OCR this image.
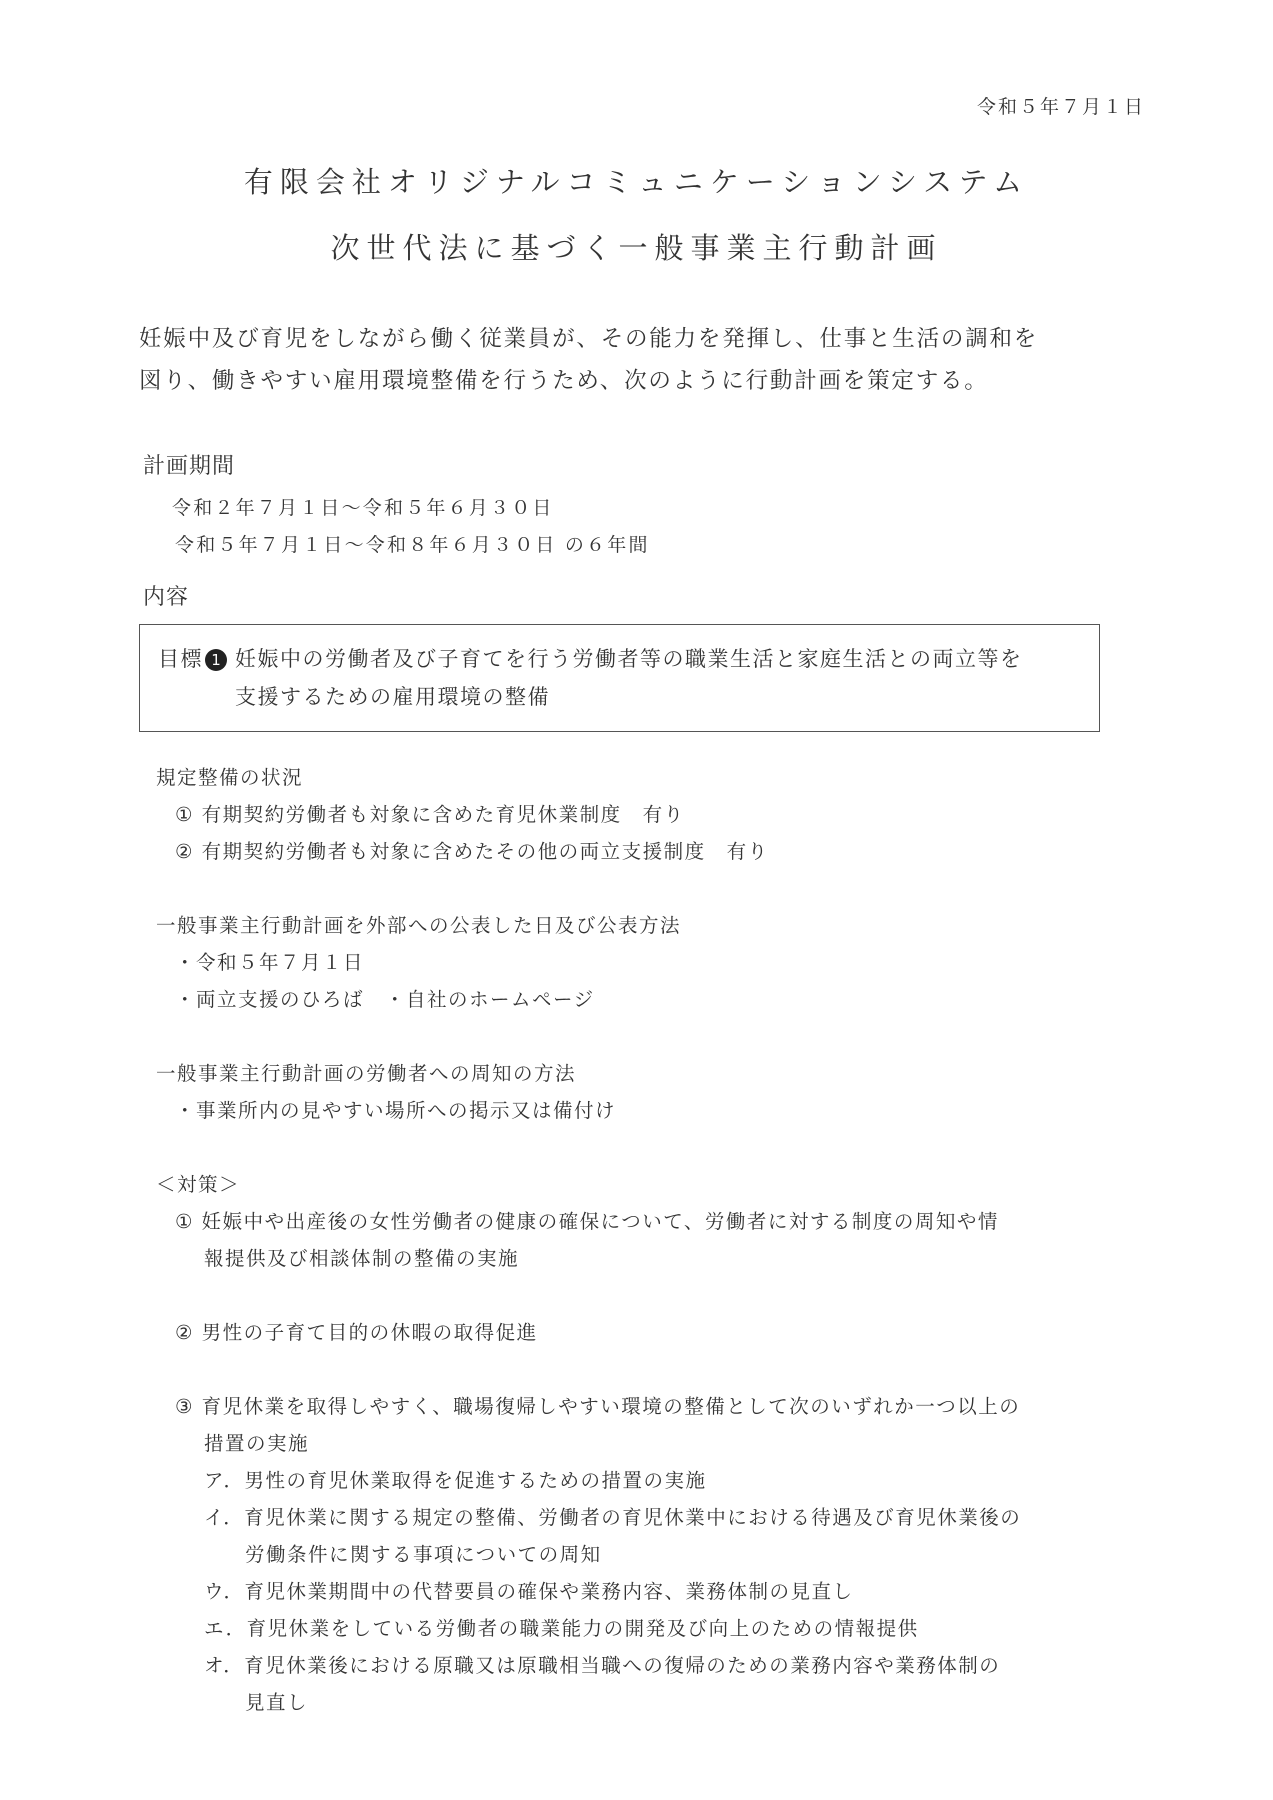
令和５年７月１日
有限会社オリジナルコミュニケーションシステム
次世代法に基づく一般事業主行動計画
妊娠中及び育児をしながら働く従業員が、その能力を発揮し、仕事と生活の調和を
図り、働きやすい雇用環境整備を行うため、次のように行動計画を策定する。
計画期間
令和２年７月１日〜令和５年６月３０日
令和５年７月１日〜令和８年６月３０日 の６年間
内容
目標 1 妊娠中の労働者及び子育てを行う労働者等の職業生活と家庭生活との両立等を
支援するための雇用環境の整備
規定整備の状況
① 有期契約労働者も対象に含めた育児休業制度　有り
② 有期契約労働者も対象に含めたその他の両立支援制度　有り
一般事業主行動計画を外部への公表した日及び公表方法
・令和５年７月１日
・両立支援のひろば　・自社のホームページ
一般事業主行動計画の労働者への周知の方法
・事業所内の見やすい場所への掲示又は備付け
＜対策＞
① 妊娠中や出産後の女性労働者の健康の確保について、労働者に対する制度の周知や情
報提供及び相談体制の整備の実施
② 男性の子育て目的の休暇の取得促進
③ 育児休業を取得しやすく、職場復帰しやすい環境の整備として次のいずれか一つ以上の
措置の実施
ア．男性の育児休業取得を促進するための措置の実施
イ．育児休業に関する規定の整備、労働者の育児休業中における待遇及び育児休業後の
労働条件に関する事項についての周知
ウ．育児休業期間中の代替要員の確保や業務内容、業務体制の見直し
エ．育児休業をしている労働者の職業能力の開発及び向上のための情報提供
オ．育児休業後における原職又は原職相当職への復帰のための業務内容や業務体制の
見直し
